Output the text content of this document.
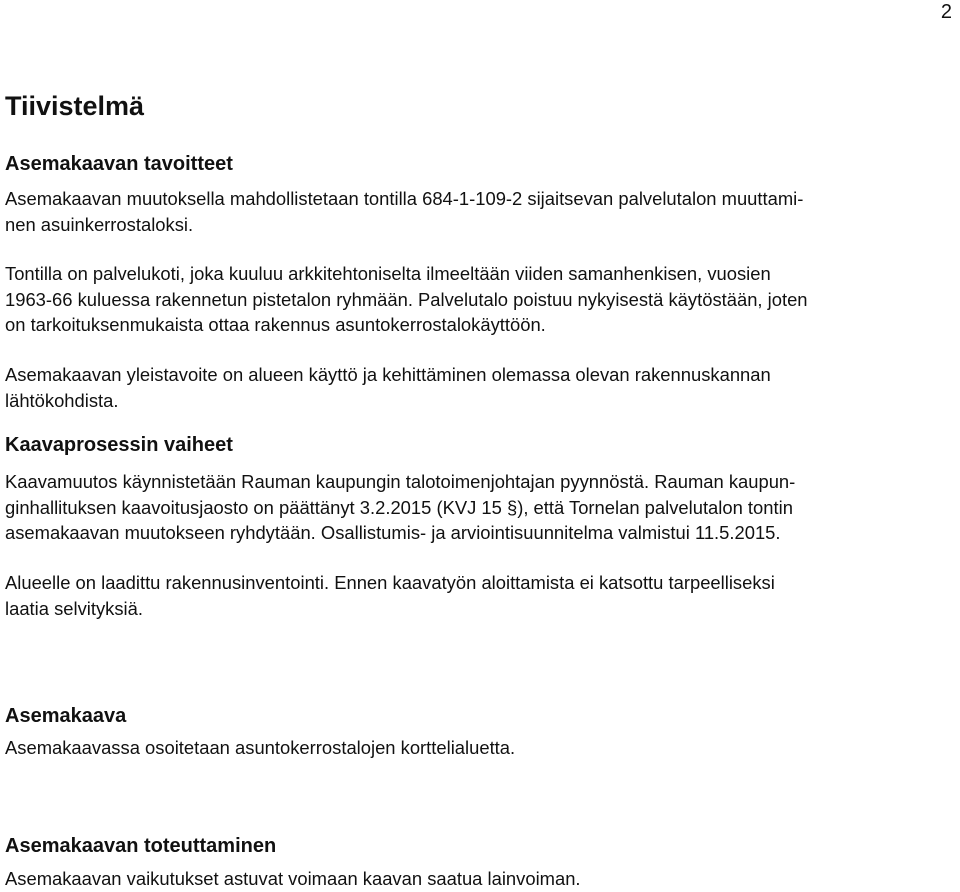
2
Tiivistelmä
Asemakaavan tavoitteet

Asemakaavan muutoksella mahdollistetaan tontilla 684-1-109-2 sijaitsevan palvelutalon muuttami-
nen asuinkerrostaloksi.

Tontilla on palvelukoti, joka kuuluu arkkitehtoniselta ilmeeltään viiden samanhenkisen, vuosien
1963-66 kuluessa rakennetun pistetalon ryhmään. Palvelutalo poistuu nykyisestä käytöstään, joten
on tarkoituksenmukaista ottaa rakennus asuntokerrostalokäyttöön.

Asemakaavan yleistavoite on alueen käyttö ja kehittäminen olemassa olevan rakennuskannan
lähtökohdista.

Kaavaprosessin vaiheet

Kaavamuutos käynnistetään Rauman kaupungin talotoimenjohtajan pyynnöstä. Rauman kaupun-
ginhallituksen kaavoitusjaosto on päättänyt 3.2.2015 (KVJ 15 §), että Tornelan palvelutalon tontin
asemakaavan muutokseen ryhdytään. Osallistumis- ja arviointisuunnitelma valmistui 11.5.2015.

Alueelle on laadittu rakennusinventointi. Ennen kaavatyön aloittamista ei katsottu tarpeelliseksi
laatia selvityksiä.

Asemakaava

Asemakaavassa osoitetaan asuntokerrostalojen korttelialuetta.

Asemakaavan toteuttaminen

Asemakaavan vaikutukset astuvat voimaan kaavan saatua lainvoiman.
